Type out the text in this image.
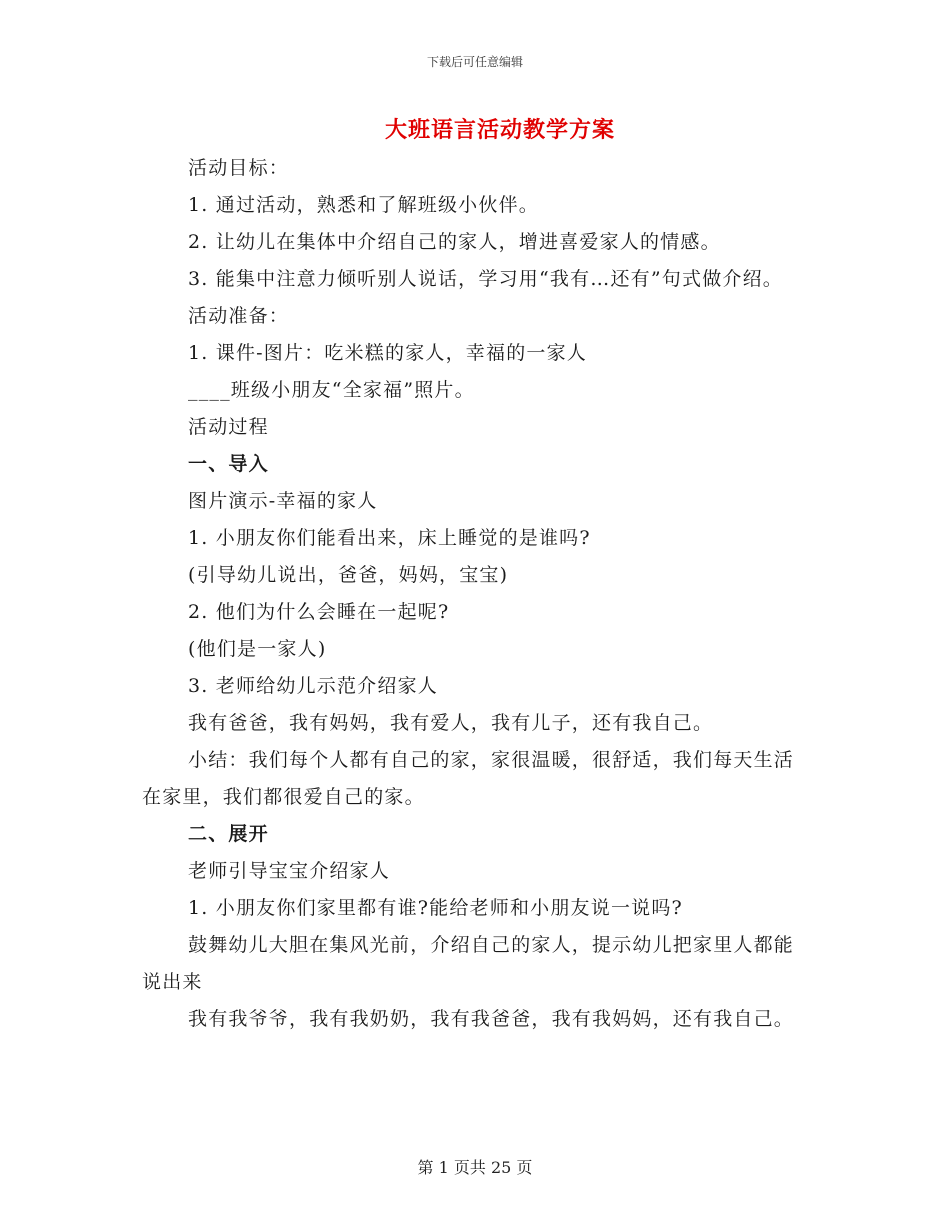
下载后可任意编辑
大班语言活动教学方案

活动目标：

1. 通过活动，熟悉和了解班级小伙伴。

2. 让幼儿在集体中介绍自己的家人，增进喜爱家人的情感。

3. 能集中注意力倾听别人说话，学习用“我有…还有”句式做介绍。

活动准备：

1. 课件-图片：吃米糕的家人，幸福的一家人

____班级小朋友“全家福”照片。

活动过程

一、导入

图片演示-幸福的家人

1. 小朋友你们能看出来，床上睡觉的是谁吗?

(引导幼儿说出，爸爸，妈妈，宝宝)

2. 他们为什么会睡在一起呢?

(他们是一家人)

3. 老师给幼儿示范介绍家人

我有爸爸，我有妈妈，我有爱人，我有儿子，还有我自己。

小结：我们每个人都有自己的家，家很温暖，很舒适，我们每天生活在家里，我们都很爱自己的家。

二、展开

老师引导宝宝介绍家人

1. 小朋友你们家里都有谁?能给老师和小朋友说一说吗?

鼓舞幼儿大胆在集风光前，介绍自己的家人，提示幼儿把家里人都能说出来

我有我爷爷，我有我奶奶，我有我爸爸，我有我妈妈，还有我自己。

第 1 页共 25 页
